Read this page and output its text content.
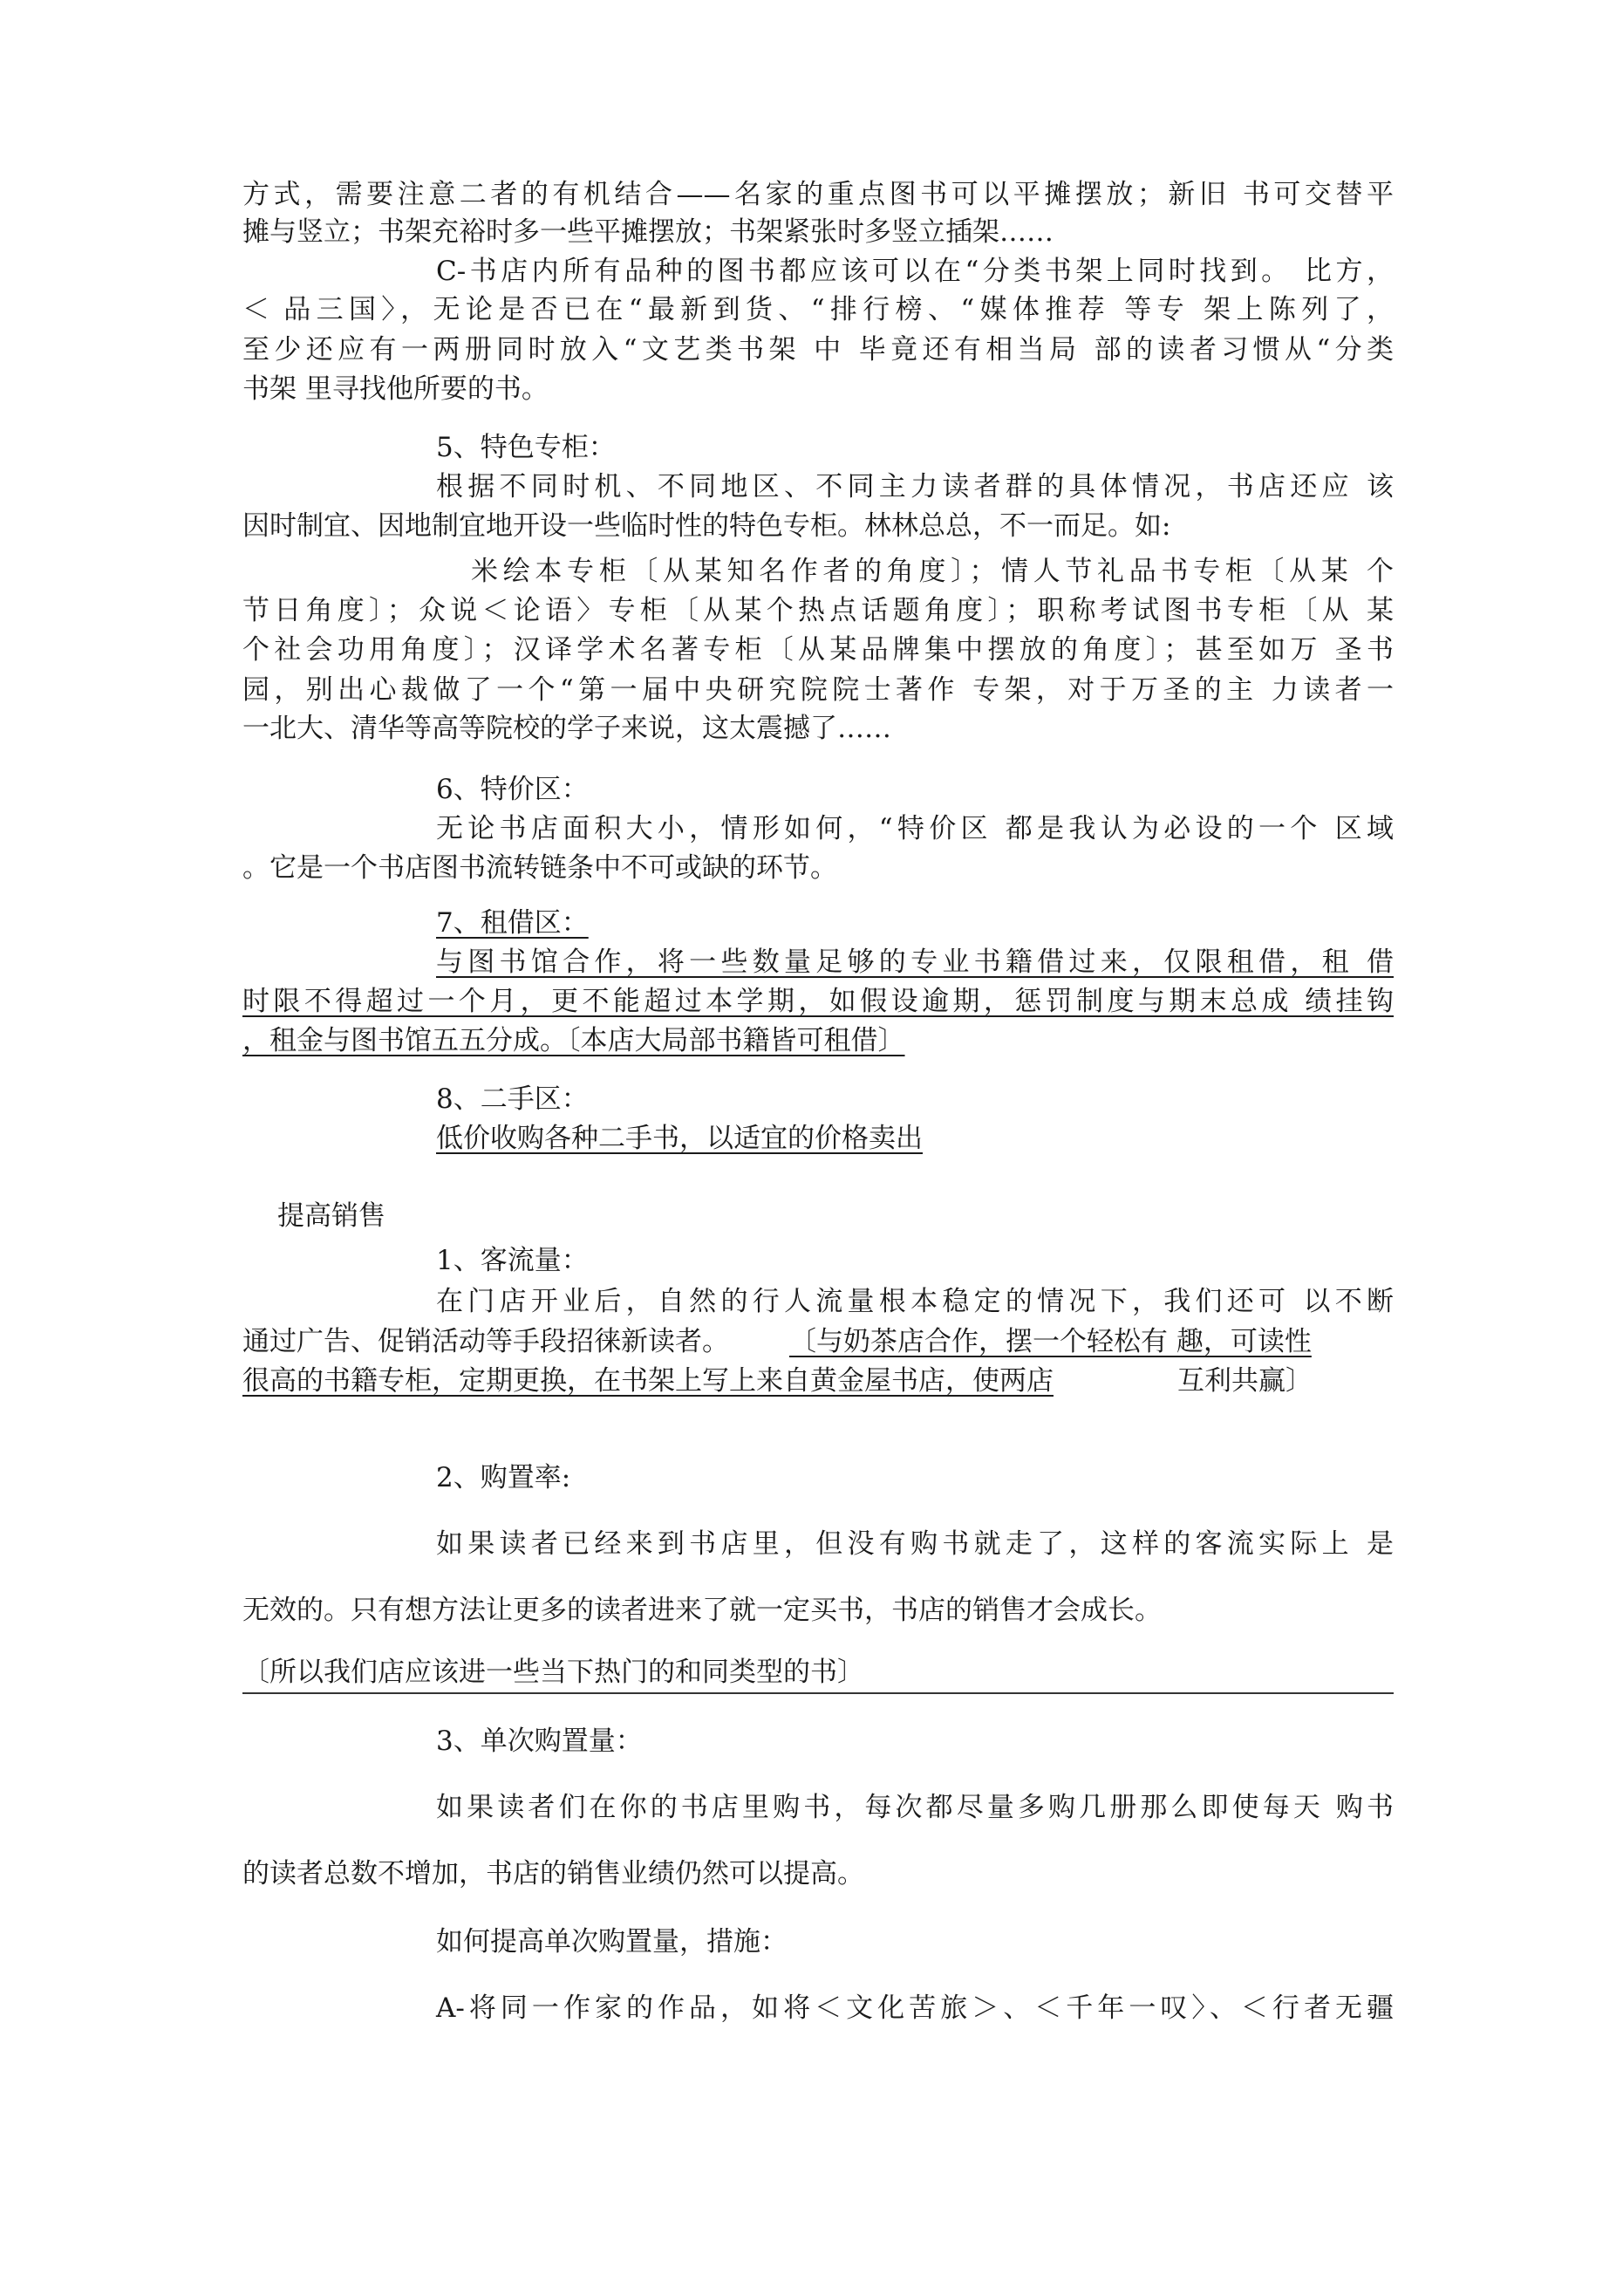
方式，需要注意二者的有机结合——名家的重点图书可以平摊摆放；新旧 书可交替平
摊与竖立；书架充裕时多一些平摊摆放；书架紧张时多竖立插架……
C-书店内所有品种的图书都应该可以在“分类书架上同时找到。 比方，
＜ 品三国〉，无论是否已在“最新到货、“排行榜、“媒体推荐 等专 架上陈列了，
至少还应有一两册同时放入“文艺类书架 中 毕竟还有相当局 部的读者习惯从“分类
书架 里寻找他所要的书。
5、特色专柜：
根据不同时机、不同地区、不同主力读者群的具体情况，书店还应 该
因时制宜、因地制宜地开设一些临时性的特色专柜。林林总总，不一而足。如:
米绘本专柜〔从某知名作者的角度〕；情人节礼品书专柜〔从某 个
节日角度〕；众说＜论语〉专柜〔从某个热点话题角度〕；职称考试图书专柜〔从 某
个社会功用角度〕；汉译学术名著专柜〔从某品牌集中摆放的角度〕；甚至如万 圣书
园，别出心裁做了一个“第一届中央研究院院士著作 专架，对于万圣的主 力读者一
一北大、清华等高等院校的学子来说，这太震撼了……
6、特价区：
无论书店面积大小，情形如何，“特价区 都是我认为必设的一个 区域
。它是一个书店图书流转链条中不可或缺的环节。
7、租借区：
与图书馆合作，将一些数量足够的专业书籍借过来，仅限租借，租 借
时限不得超过一个月，更不能超过本学期，如假设逾期，惩罚制度与期末总成 绩挂钩
，租金与图书馆五五分成。〔本店大局部书籍皆可租借〕
8、二手区：
低价收购各种二手书，以适宜的价格卖出
提高销售
1、客流量：
在门店开业后，自然的行人流量根本稳定的情况下，我们还可 以不断
通过广告、促销活动等手段招徕新读者。 〔与奶茶店合作，摆一个轻松有 趣，可读性
很高的书籍专柜，定期更换，在书架上写上来自黄金屋书店，使两店	互利共赢〕
2、购置率:
如果读者已经来到书店里，但没有购书就走了，这样的客流实际上 是
无效的。只有想方法让更多的读者进来了就一定买书，书店的销售才会成长。
〔所以我们店应该进一些当下热门的和同类型的书〕
3、单次购置量：
如果读者们在你的书店里购书，每次都尽量多购几册那么即使每天 购书
的读者总数不增加，书店的销售业绩仍然可以提高。
如何提高单次购置量，措施：
A-将同一作家的作品，如将＜文化苦旅＞、＜千年一叹〉、＜行者无疆
